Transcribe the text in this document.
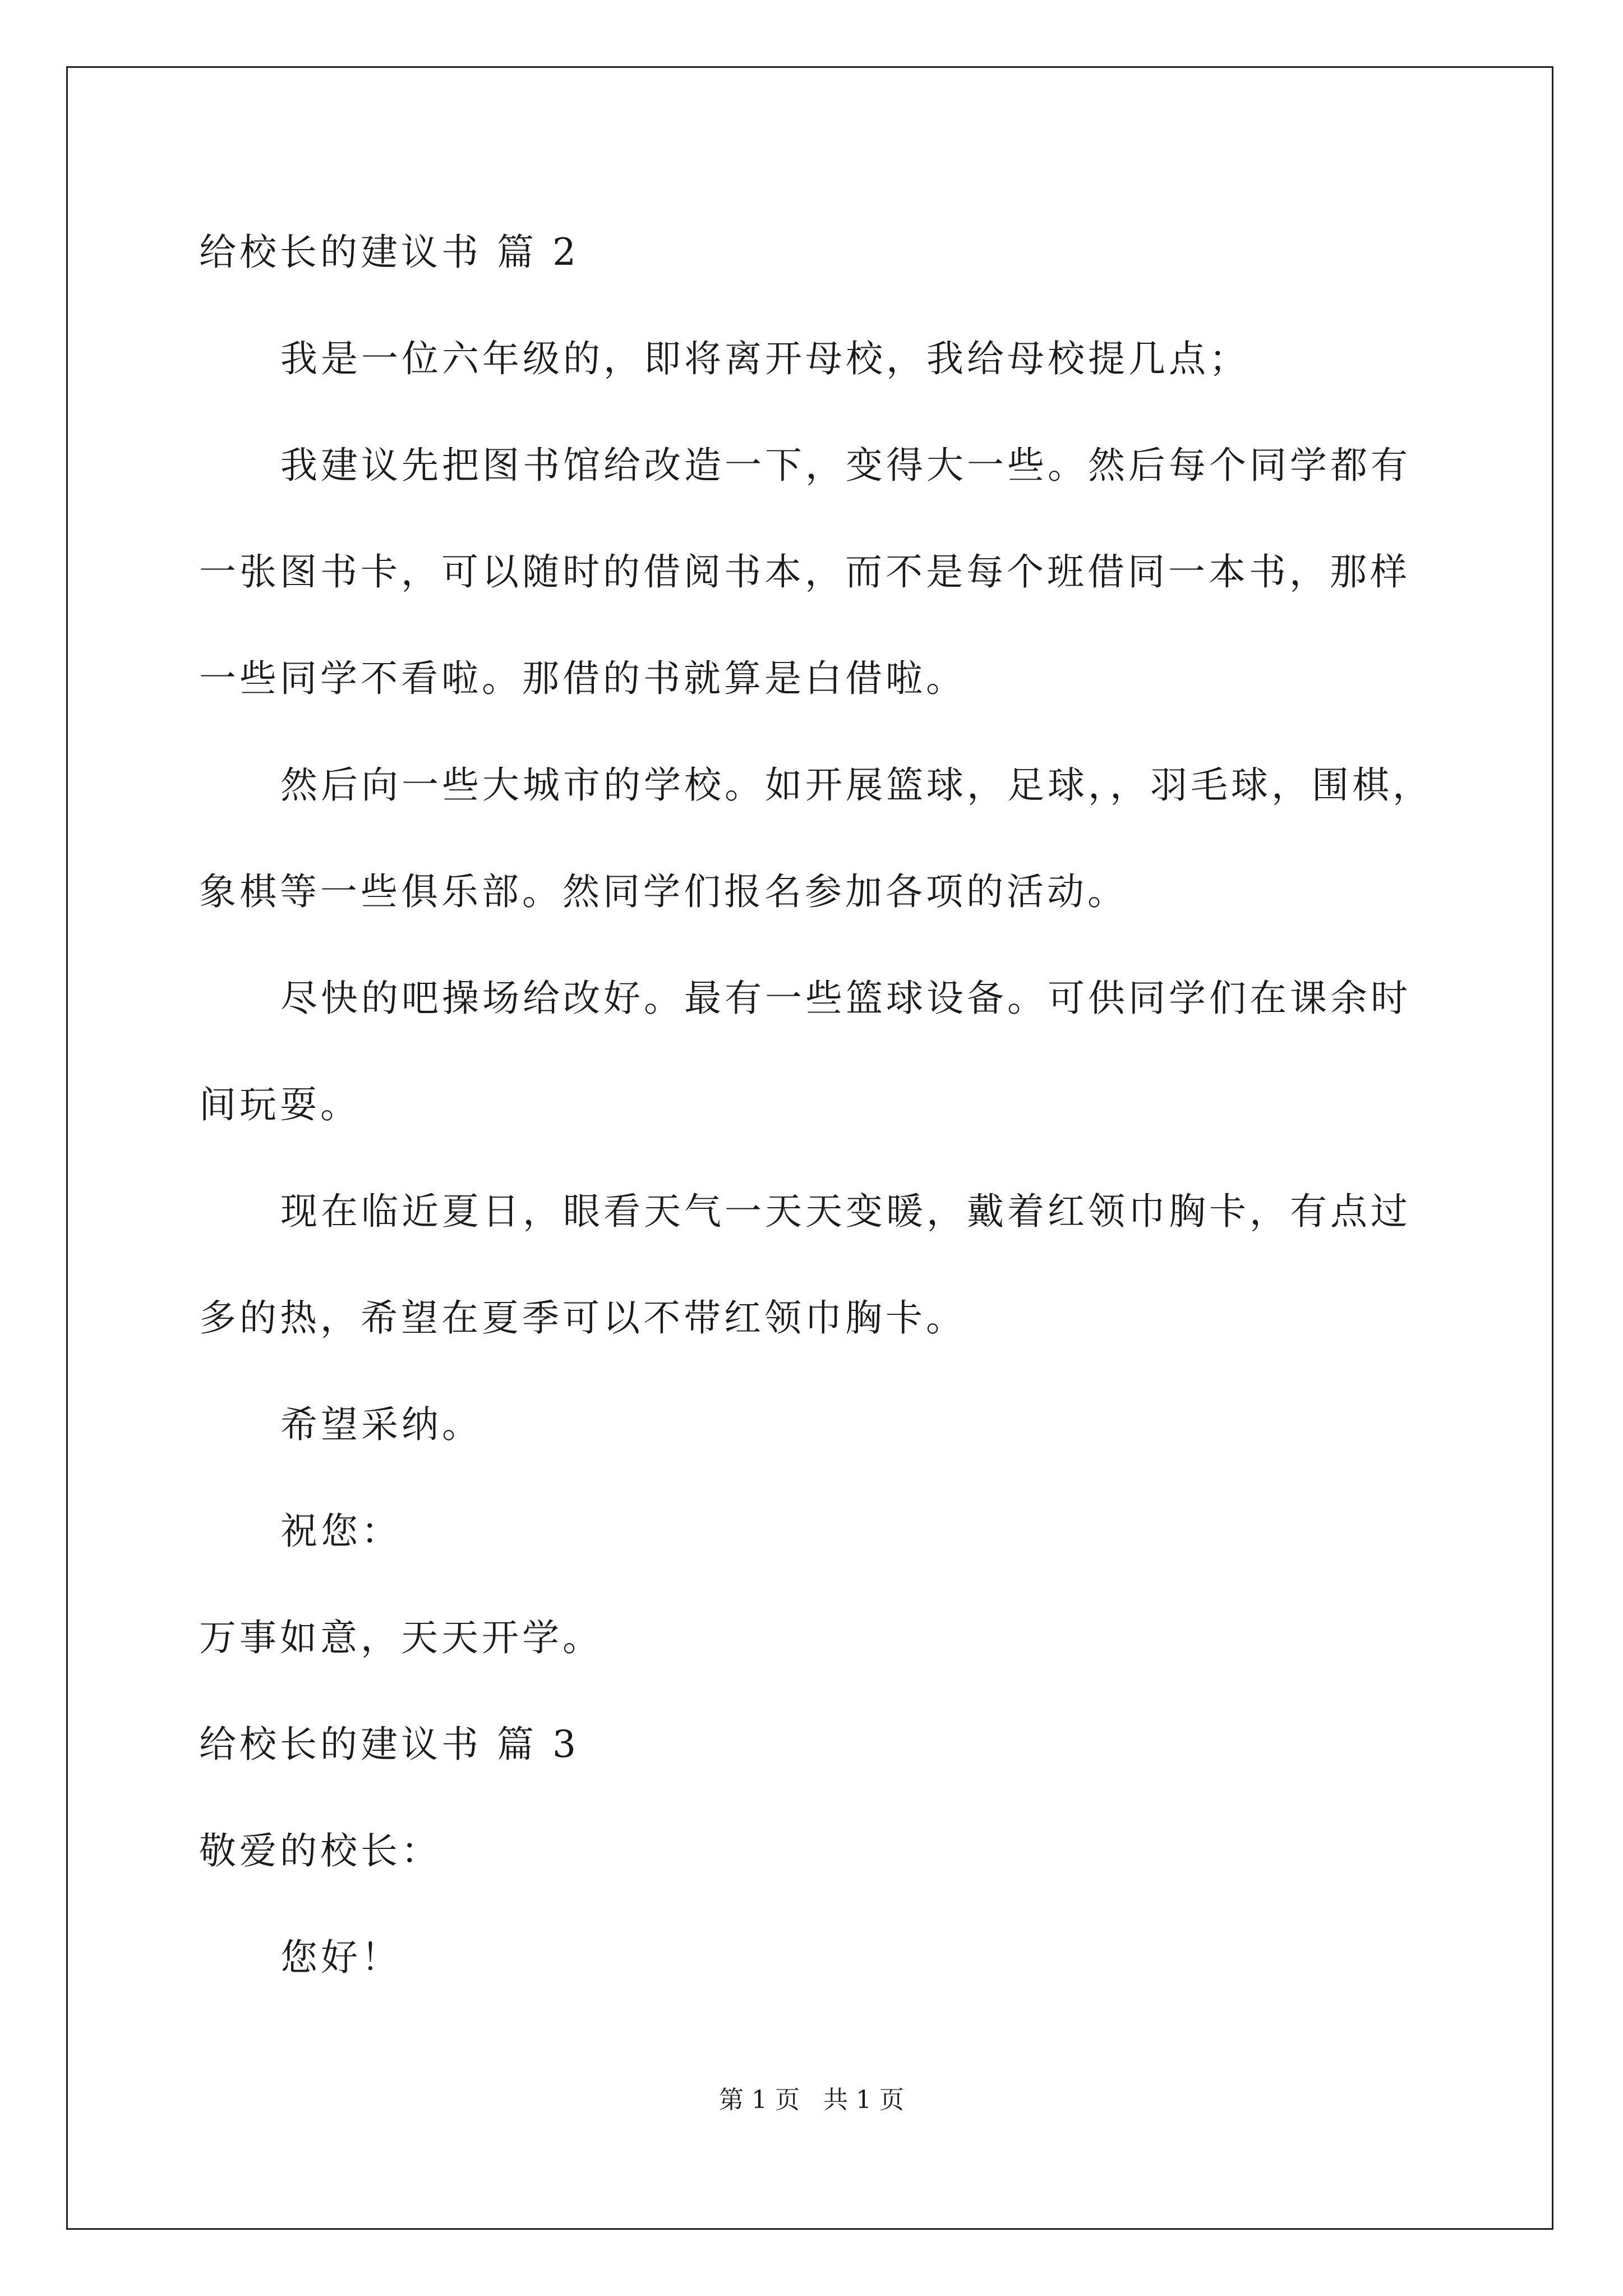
给校长的建议书 篇 2
我是一位六年级的，即将离开母校，我给母校提几点；
我建议先把图书馆给改造一下，变得大一些。然后每个同学都有
一张图书卡，可以随时的借阅书本，而不是每个班借同一本书，那样
一些同学不看啦。那借的书就算是白借啦。
然后向一些大城市的学校。如开展篮球，足球，，羽毛球，围棋，
象棋等一些俱乐部。然同学们报名参加各项的活动。
尽快的吧操场给改好。最有一些篮球设备。可供同学们在课余时
间玩耍。
现在临近夏日，眼看天气一天天变暖，戴着红领巾胸卡，有点过
多的热，希望在夏季可以不带红领巾胸卡。
希望采纳。
祝您：
万事如意，天天开学。
给校长的建议书 篇 3
敬爱的校长：
您好！
第 1 页 共 1 页
